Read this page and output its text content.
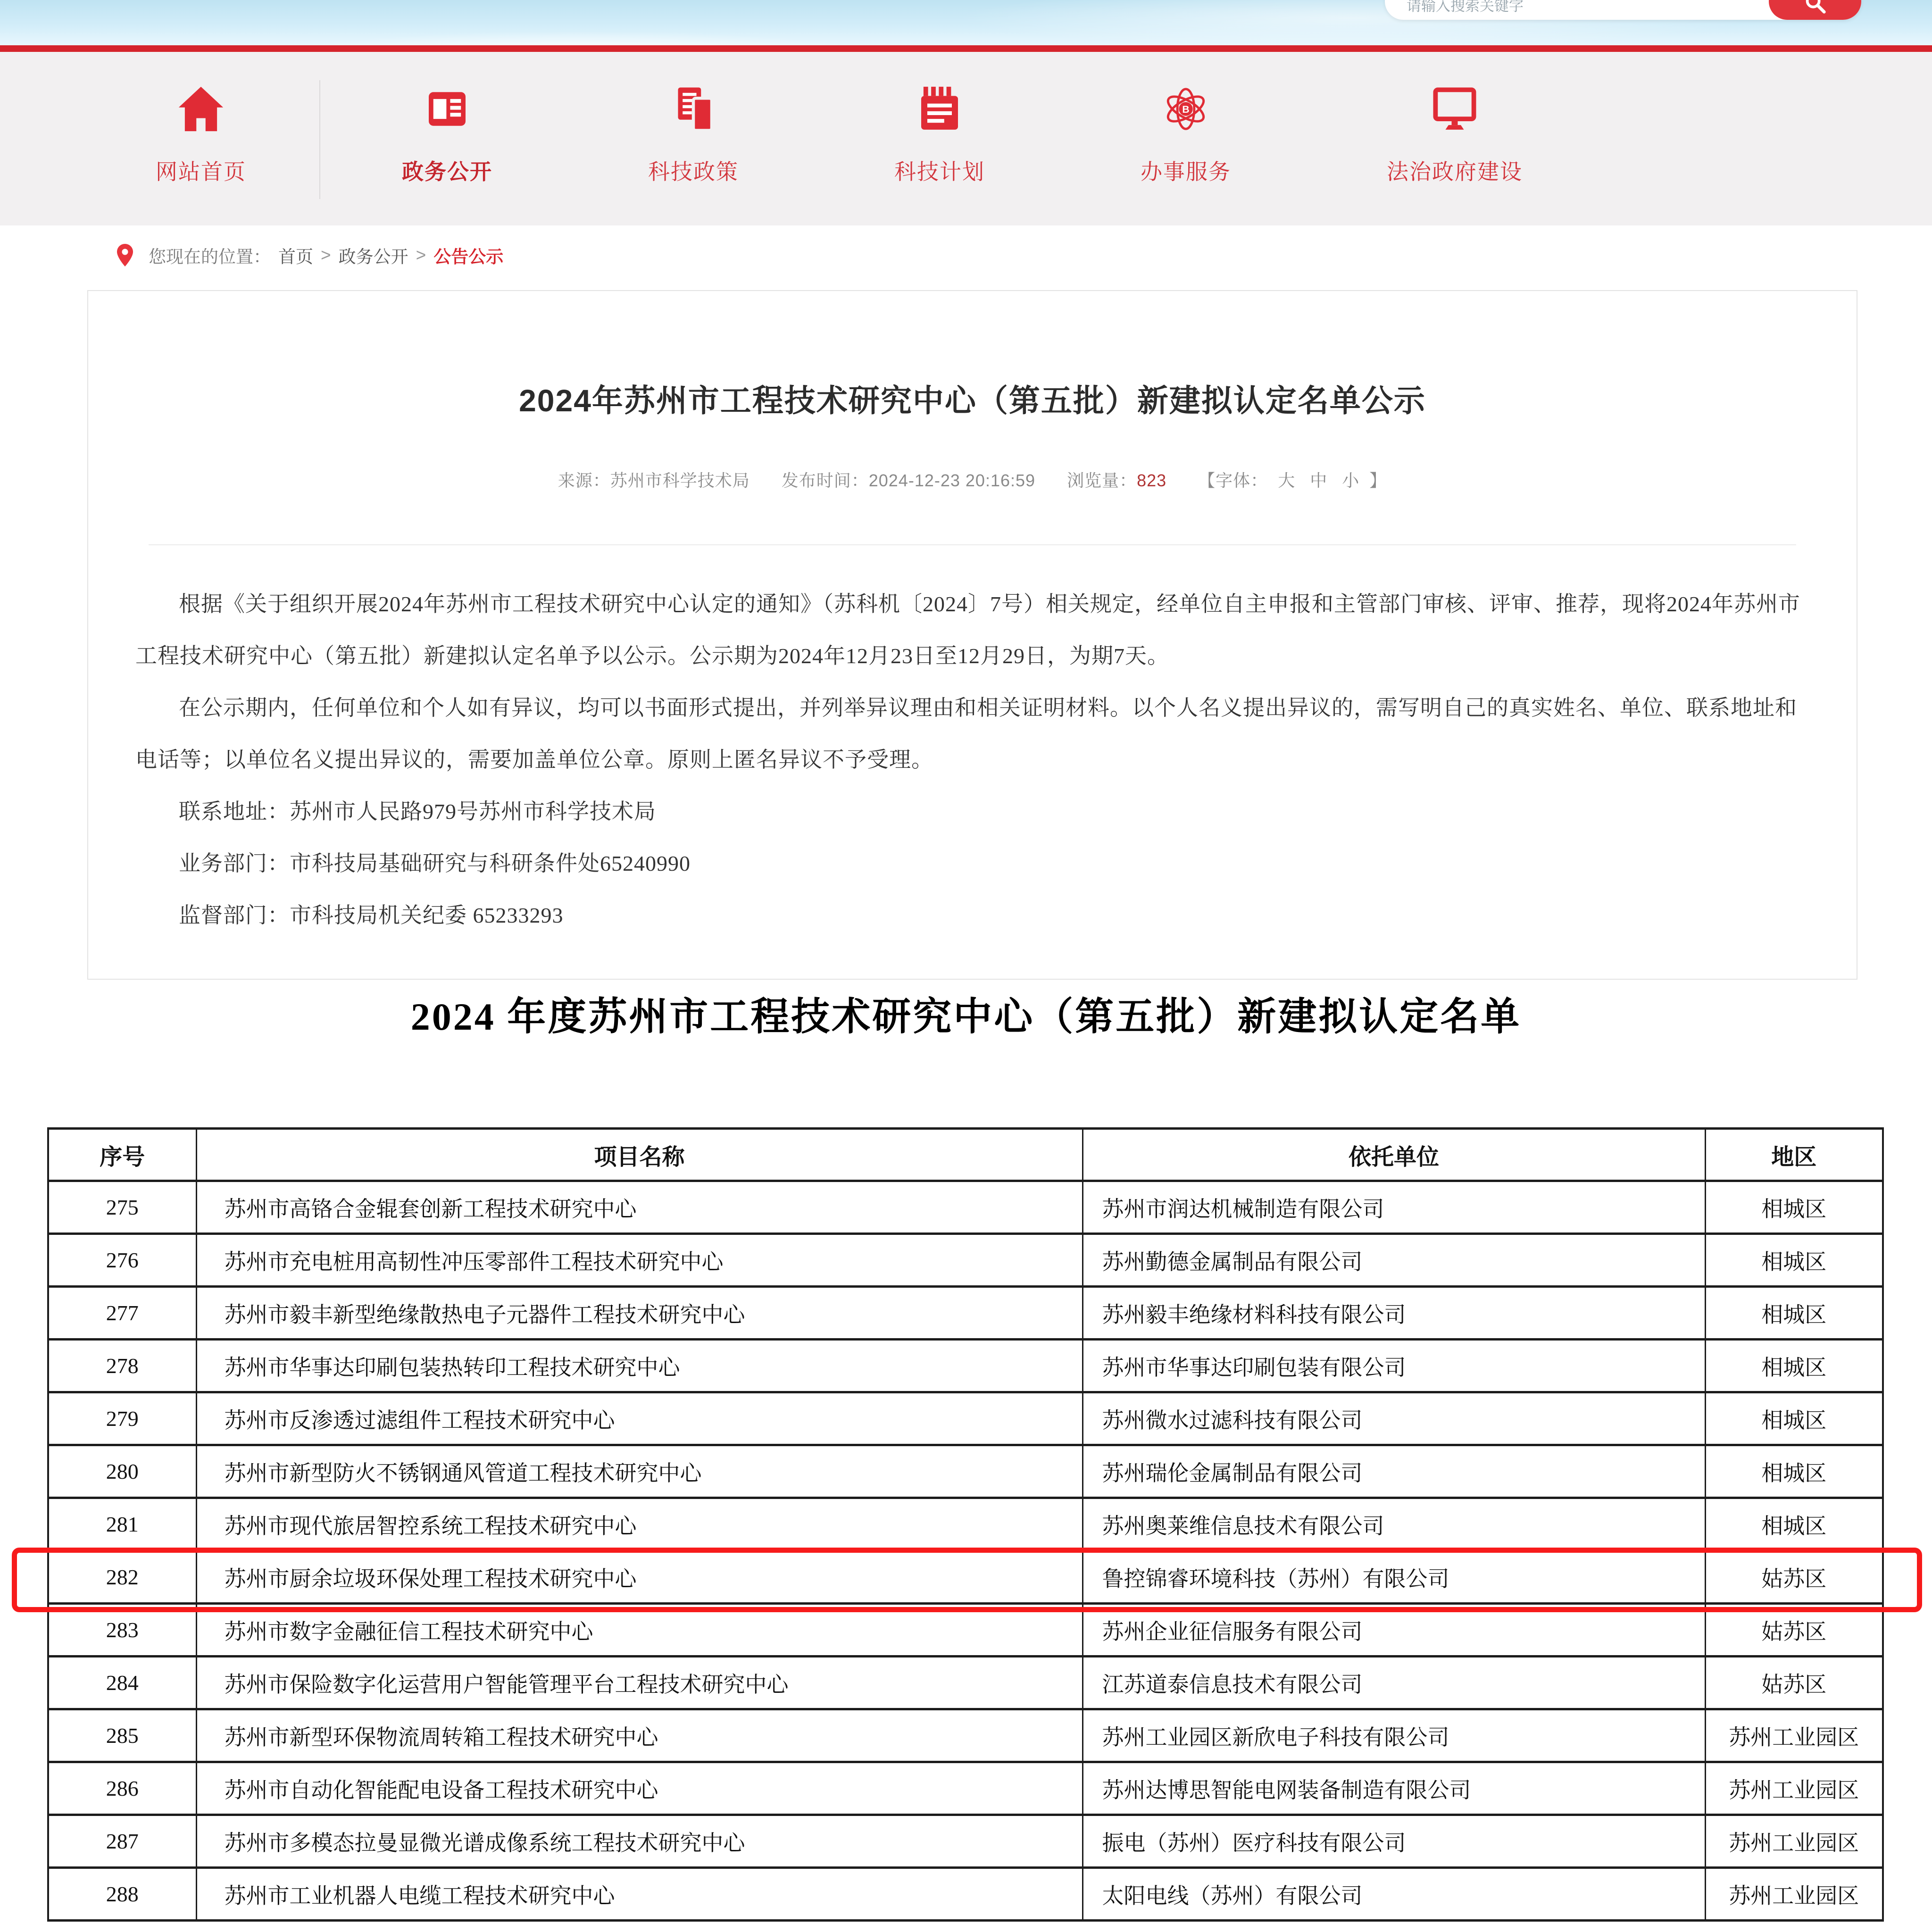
请输入搜索关键字
网站首页	政务公开	科技政策	科技计划
B
办事服务	法治政府建设
您现在的位置： 首页 > 政务公开 > 公告公示
2024年苏州市工程技术研究中心（第五批）新建拟认定名单公示
来源：苏州市科学技术局 发布时间：2024-12-23 20:16:59 浏览量：823 【字体： 大 中 小 】

根据《关于组织开展2024年苏州市工程技术研究中心认定的通知》（苏科机〔2024〕7号）相关规定，经单位自主申报和主管部门审核、评审、推荐，现将2024年苏州市工程技术研究中心（第五批）新建拟认定名单予以公示。公示期为2024年12月23日至12月29日，为期7天。

在公示期内，任何单位和个人如有异议，均可以书面形式提出，并列举异议理由和相关证明材料。以个人名义提出异议的，需写明自己的真实姓名、单位、联系地址和电话等；以单位名义提出异议的，需要加盖单位公章。原则上匿名异议不予受理。

联系地址：苏州市人民路979号苏州市科学技术局

业务部门：市科技局基础研究与科研条件处65240990

监督部门：市科技局机关纪委 65233293

2024 年度苏州市工程技术研究中心（第五批）新建拟认定名单
序号	项目名称	依托单位	地区
275	苏州市高铬合金辊套创新工程技术研究中心	苏州市润达机械制造有限公司	相城区
276	苏州市充电桩用高韧性冲压零部件工程技术研究中心	苏州勤德金属制品有限公司	相城区
277	苏州市毅丰新型绝缘散热电子元器件工程技术研究中心	苏州毅丰绝缘材料科技有限公司	相城区
278	苏州市华事达印刷包装热转印工程技术研究中心	苏州市华事达印刷包装有限公司	相城区
279	苏州市反渗透过滤组件工程技术研究中心	苏州微水过滤科技有限公司	相城区
280	苏州市新型防火不锈钢通风管道工程技术研究中心	苏州瑞伦金属制品有限公司	相城区
281	苏州市现代旅居智控系统工程技术研究中心	苏州奥莱维信息技术有限公司	相城区
282	苏州市厨余垃圾环保处理工程技术研究中心	鲁控锦睿环境科技（苏州）有限公司	姑苏区
283	苏州市数字金融征信工程技术研究中心	苏州企业征信服务有限公司	姑苏区
284	苏州市保险数字化运营用户智能管理平台工程技术研究中心	江苏道泰信息技术有限公司	姑苏区
285	苏州市新型环保物流周转箱工程技术研究中心	苏州工业园区新欣电子科技有限公司	苏州工业园区
286	苏州市自动化智能配电设备工程技术研究中心	苏州达博思智能电网装备制造有限公司	苏州工业园区
287	苏州市多模态拉曼显微光谱成像系统工程技术研究中心	振电（苏州）医疗科技有限公司	苏州工业园区
288	苏州市工业机器人电缆工程技术研究中心	太阳电线（苏州）有限公司	苏州工业园区
